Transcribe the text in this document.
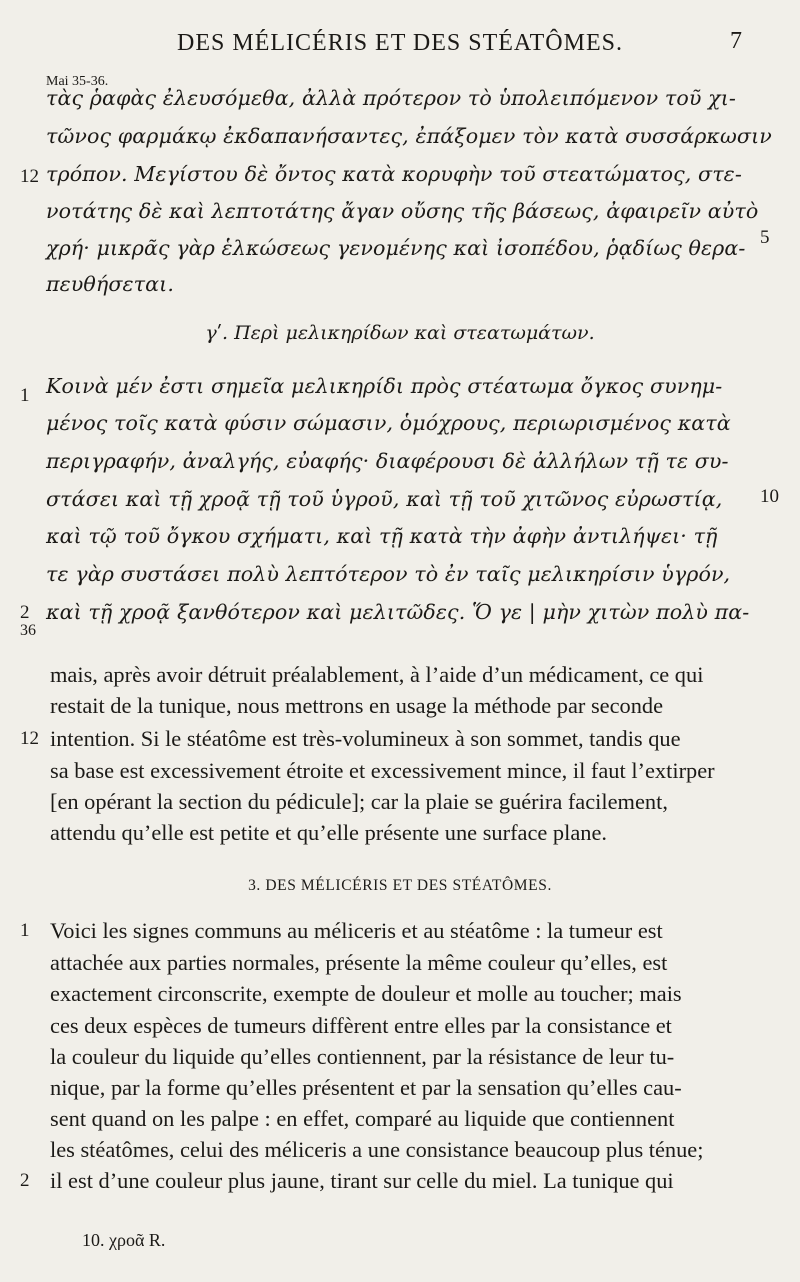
DES MÉLICÉRIS ET DES STÉATÔMES.	7
Mai 35-36.
τὰς ῥαφὰς ἐλευσόμεθα, ἀλλὰ πρότερον τὸ ὑπολειπόμενον τοῦ χι-
τῶνος φαρμάκῳ ἐκδαπανήσαντες, ἐπάξομεν τὸν κατὰ συσσάρκωσιν
τρόπον. Μεγίστου δὲ ὄντος κατὰ κορυφὴν τοῦ στεατώματος, στε-
νοτάτης δὲ καὶ λεπτοτάτης ἄγαν οὔσης τῆς βάσεως, ἀφαιρεῖν αὐτὸ
χρή· μικρᾶς γὰρ ἑλκώσεως γενομένης καὶ ἰσοπέδου, ῥᾳδίως θερα-
πευθήσεται.
12
5
γʹ. Περὶ μελικηρίδων καὶ στεατωμάτων.
Κοινὰ μέν ἐστι σημεῖα μελικηρίδι πρὸς στέατωμα ὄγκος συνημ-
μένος τοῖς κατὰ φύσιν σώμασιν, ὁμόχρους, περιωρισμένος κατὰ
περιγραφήν, ἀναλγής, εὐαφής· διαφέρουσι δὲ ἀλλήλων τῇ τε συ-
στάσει καὶ τῇ χροᾷ τῇ τοῦ ὑγροῦ, καὶ τῇ τοῦ χιτῶνος εὐρωστίᾳ,
καὶ τῷ τοῦ ὄγκου σχήματι, καὶ τῇ κατὰ τὴν ἀφὴν ἀντιλήψει· τῇ
τε γὰρ συστάσει πολὺ λεπτότερον τὸ ἐν ταῖς μελικηρίσιν ὑγρόν,
καὶ τῇ χροᾷ ξανθότερον καὶ μελιτῶδες. Ὅ γε | μὴν χιτὼν πολὺ πα-
1
10
2
36
mais, après avoir détruit préalablement, à l’aide d’un médicament, ce qui
restait de la tunique, nous mettrons en usage la méthode par seconde
intention. Si le stéatôme est très-volumineux à son sommet, tandis que
sa base est excessivement étroite et excessivement mince, il faut l’extirper
[en opérant la section du pédicule]; car la plaie se guérira facilement,
attendu qu’elle est petite et qu’elle présente une surface plane.
12
3. DES MÉLICÉRIS ET DES STÉATÔMES.
Voici les signes communs au méliceris et au stéatôme : la tumeur est
attachée aux parties normales, présente la même couleur qu’elles, est
exactement circonscrite, exempte de douleur et molle au toucher; mais
ces deux espèces de tumeurs diffèrent entre elles par la consistance et
la couleur du liquide qu’elles contiennent, par la résistance de leur tu-
nique, par la forme qu’elles présentent et par la sensation qu’elles cau-
sent quand on les palpe : en effet, comparé au liquide que contiennent
les stéatômes, celui des méliceris a une consistance beaucoup plus ténue;
il est d’une couleur plus jaune, tirant sur celle du miel. La tunique qui
1
2
10. χροᾶ R.
